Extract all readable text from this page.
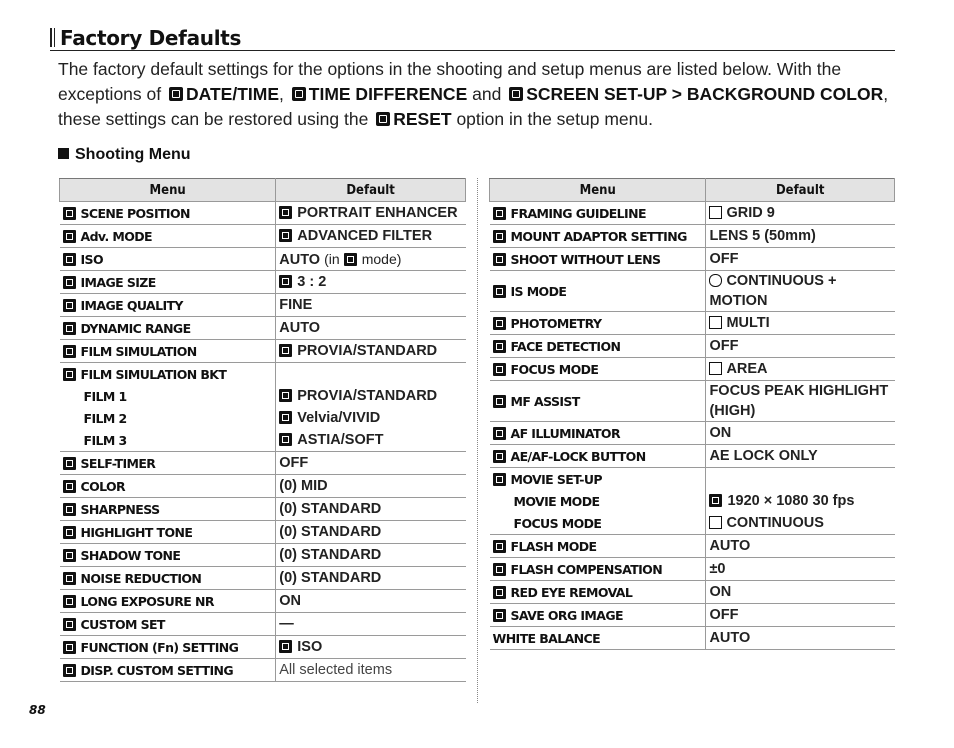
Factory Defaults
The factory default settings for the options in the shooting and setup menus are listed below. With the exceptions of DATE/TIME, TIME DIFFERENCE and SCREEN SET-UP > BACKGROUND COLOR, these settings can be restored using the RESET option in the setup menu.
Shooting Menu
Menu	Default
SCENE POSITION	PORTRAIT ENHANCER
Adv. MODE	ADVANCED FILTER
ISO	AUTO (in mode)
IMAGE SIZE	3 : 2
IMAGE QUALITY	FINE
DYNAMIC RANGE	AUTO
FILM SIMULATION	PROVIA/STANDARD
FILM SIMULATION BKT	
FILM 1	PROVIA/STANDARD
FILM 2	Velvia/VIVID
FILM 3	ASTIA/SOFT
SELF-TIMER	OFF
COLOR	(0) MID
SHARPNESS	(0) STANDARD
HIGHLIGHT TONE	(0) STANDARD
SHADOW TONE	(0) STANDARD
NOISE REDUCTION	(0) STANDARD
LONG EXPOSURE NR	ON
CUSTOM SET	—
FUNCTION (Fn) SETTING	ISO
DISP. CUSTOM SETTING	All selected items
Menu	Default
FRAMING GUIDELINE	GRID 9
MOUNT ADAPTOR SETTING	LENS 5 (50mm)
SHOOT WITHOUT LENS	OFF
IS MODE	CONTINUOUS + MOTION
PHOTOMETRY	MULTI
FACE DETECTION	OFF
FOCUS MODE	AREA
MF ASSIST	FOCUS PEAK HIGHLIGHT (HIGH)
AF ILLUMINATOR	ON
AE/AF-LOCK BUTTON	AE LOCK ONLY
MOVIE SET-UP	
MOVIE MODE	1920 × 1080 30 fps
FOCUS MODE	CONTINUOUS
FLASH MODE	AUTO
FLASH COMPENSATION	±0
RED EYE REMOVAL	ON
SAVE ORG IMAGE	OFF
WHITE BALANCE	AUTO
88
